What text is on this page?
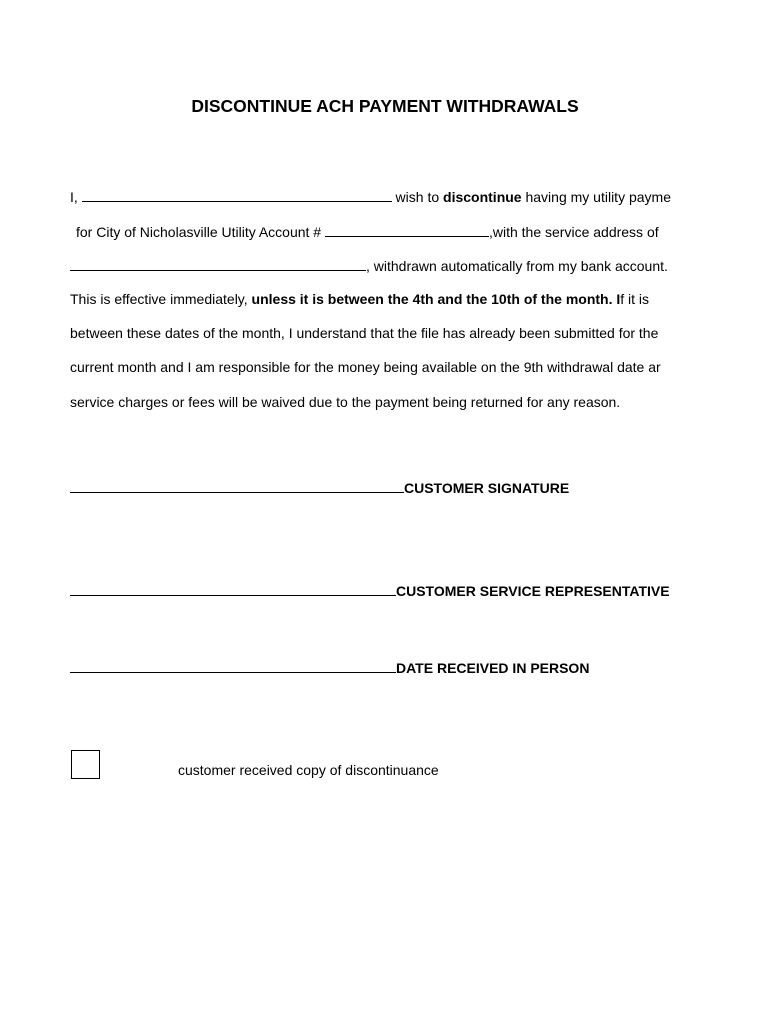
DISCONTINUE ACH PAYMENT WITHDRAWALS
I,	wish to discontinue having my utility payme
for City of Nicholasville Utility Account #	,with the service address of
, withdrawn automatically from my bank account.
This is effective immediately, unless it is between the 4th and the 10th of the month. If it is
between these dates of the month, I understand that the file has already been submitted for the
current month and I am responsible for the money being available on the 9th withdrawal date ar
service charges or fees will be waived due to the payment being returned for any reason.
CUSTOMER SIGNATURE
CUSTOMER SERVICE REPRESENTATIVE
DATE RECEIVED IN PERSON
customer received copy of discontinuance
